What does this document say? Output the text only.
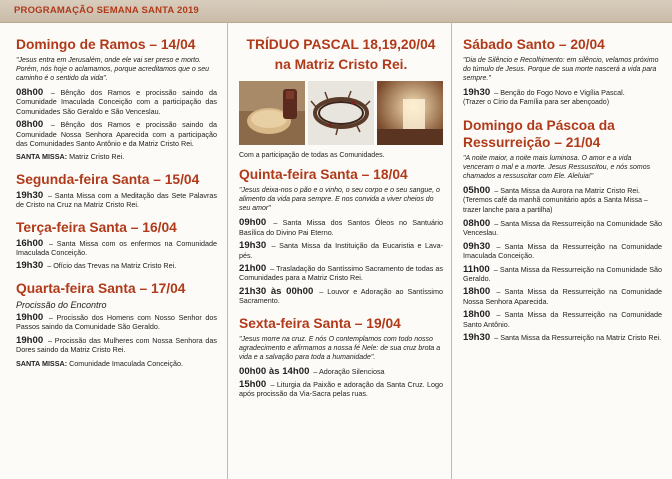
PROGRAMAÇÃO SEMANA SANTA 2019
Domingo de Ramos – 14/04
"Jesus entra em Jerusalém, onde ele vai ser preso e morto. Porém, nós hoje o aclamamos, porque acreditamos que o seu caminho é o sentido da vida".
08h00 – Bênção dos Ramos e procissão saindo da Comunidade Imaculada Conceição com a participação das Comunidades São Geraldo e São Venceslau.
08h00 – Bênção dos Ramos e procissão saindo da Comunidade Nossa Senhora Aparecida com a participação das Comunidades Santo Antônio e da Matriz Cristo Rei.
SANTA MISSA: Matriz Cristo Rei.
Segunda-feira Santa – 15/04
19h30 – Santa Missa com a Meditação das Sete Palavras de Cristo na Cruz na Matriz Cristo Rei.
Terça-feira Santa – 16/04
16h00 – Santa Missa com os enfermos na Comunidade Imaculada Conceição.
19h30 – Ofício das Trevas na Matriz Cristo Rei.
Quarta-feira Santa – 17/04
Procissão do Encontro
19h00 – Procissão dos Homens com Nosso Senhor dos Passos saindo da Comunidade São Geraldo.
19h00 – Procissão das Mulheres com Nossa Senhora das Dores saindo da Matriz Cristo Rei.
SANTA MISSA: Comunidade Imaculada Conceição.
TRÍDUO PASCAL 18,19,20/04
na Matriz Cristo Rei.
Com a participação de todas as Comunidades.
Quinta-feira Santa – 18/04
"Jesus deixa-nos o pão e o vinho, o seu corpo e o seu sangue, o alimento da vida para sempre. E nos convida a viver cheios do seu amor"
09h00 – Santa Missa dos Santos Óleos no Santuário Basílica do Divino Pai Eterno.
19h30 – Santa Missa da Instituição da Eucaristia e Lava-pés.
21h00 – Trasladação do Santíssimo Sacramento de todas as Comunidades para a Matriz Cristo Rei.
21h30 às 00h00 – Louvor e Adoração ao Santíssimo Sacramento.
Sexta-feira Santa – 19/04
"Jesus morre na cruz. E nós O contemplamos com todo nosso agradecimento e afirmamos a nossa fé Nele: de sua cruz brota a vida e a salvação para toda a humanidade".
00h00 às 14h00 – Adoração Silenciosa
15h00 – Liturgia da Paixão e adoração da Santa Cruz. Logo após procissão da Via-Sacra pelas ruas.
Sábado Santo – 20/04
"Dia de Silêncio e Recolhimento: em silêncio, velamos próximo do túmulo de Jesus. Porque de sua morte nascerá a vida para sempre."
19h30 – Benção do Fogo Novo e Vigília Pascal.
(Trazer o Círio da Família para ser abençoado)
Domingo da Páscoa da
Ressurreição – 21/04
"A noite maior, a noite mais luminosa. O amor e a vida venceram o mal e a morte. Jesus Ressuscitou, e nós somos chamados a ressuscitar com Ele. Aleluia!"
05h00 – Santa Missa da Aurora na Matriz Cristo Rei.
(Teremos café da manhã comunitário após a Santa Missa – trazer lanche para a partilha)
08h00 – Santa Missa da Ressurreição na Comunidade São Venceslau.
09h30 – Santa Missa da Ressurreição na Comunidade Imaculada Conceição.
11h00 – Santa Missa da Ressurreição na Comunidade São Geraldo.
18h00 – Santa Missa da Ressurreição na Comunidade Nossa Senhora Aparecida.
18h00 – Santa Missa da Ressurreição na Comunidade Santo Antônio.
19h30 – Santa Missa da Ressurreição na Matriz Cristo Rei.
